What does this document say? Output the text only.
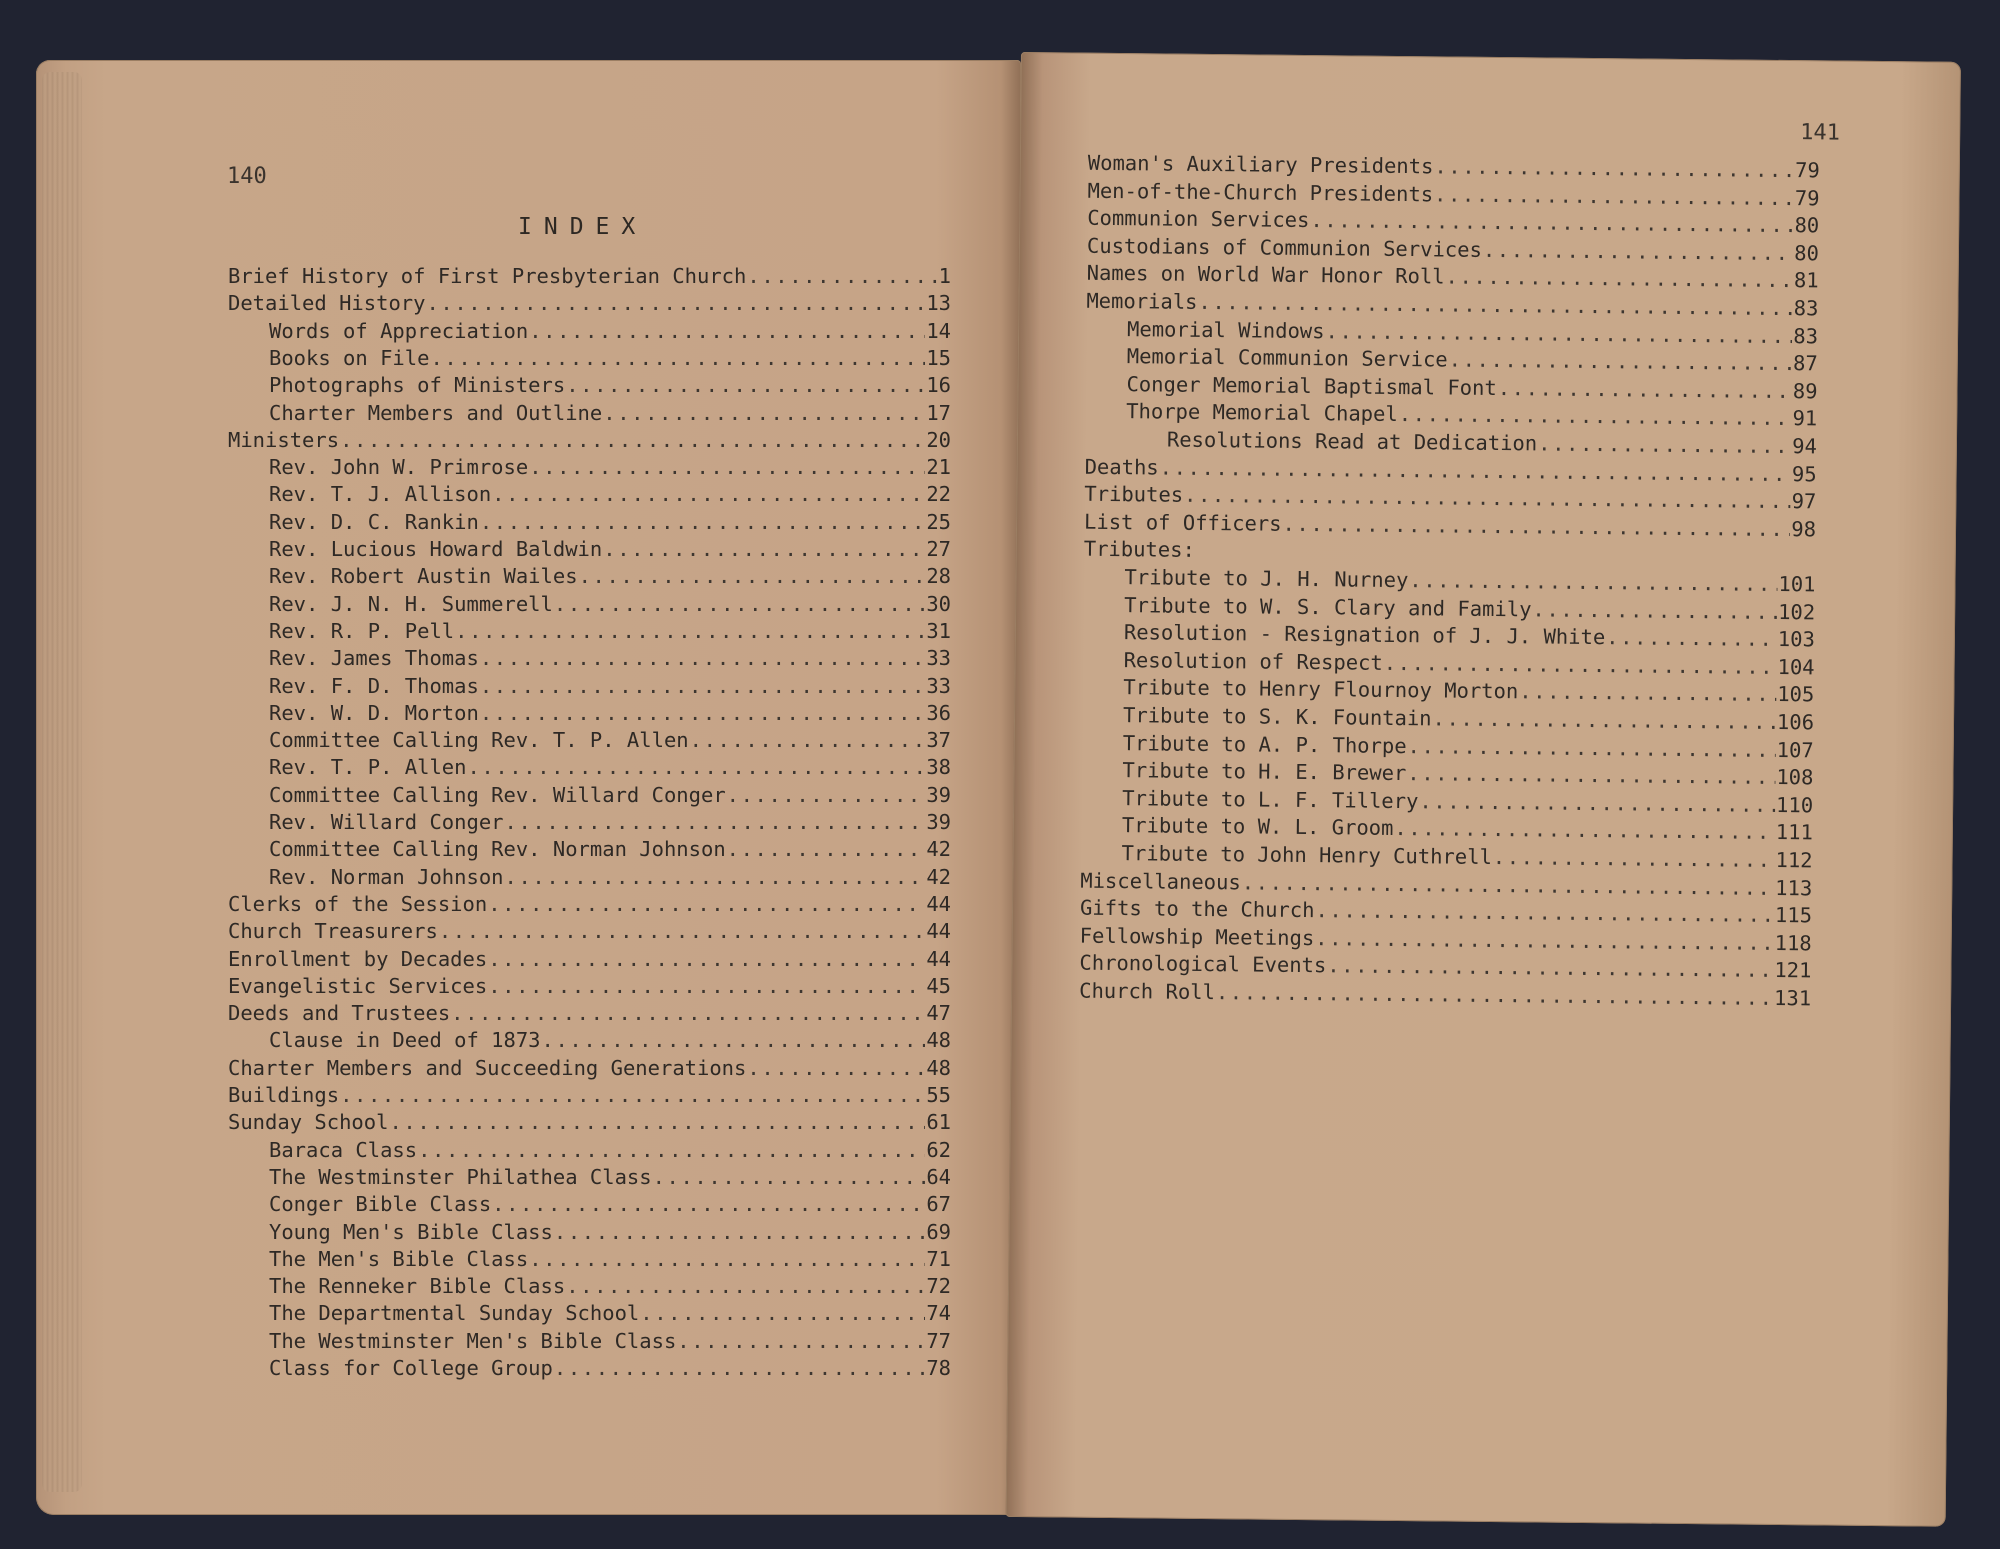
140
INDEX
Brief History of First Presbyterian Church .....	1
Detailed History .....	13
Words of Appreciation .....	14
Books on File .....	15
Photographs of Ministers .....	16
Charter Members and Outline .....	17
Ministers .....	20
Rev. John W. Primrose .....	21
Rev. T. J. Allison .....	22
Rev. D. C. Rankin .....	25
Rev. Lucious Howard Baldwin .....	27
Rev. Robert Austin Wailes .....	28
Rev. J. N. H. Summerell .....	30
Rev. R. P. Pell .....	31
Rev. James Thomas .....	33
Rev. F. D. Thomas .....	33
Rev. W. D. Morton .....	36
Committee Calling Rev. T. P. Allen .....	37
Rev. T. P. Allen .....	38
Committee Calling Rev. Willard Conger .....	39
Rev. Willard Conger .....	39
Committee Calling Rev. Norman Johnson .....	42
Rev. Norman Johnson .....	42
Clerks of the Session .....	44
Church Treasurers .....	44
Enrollment by Decades .....	44
Evangelistic Services .....	45
Deeds and Trustees .....	47
Clause in Deed of 1873 .....	48
Charter Members and Succeeding Generations .....	48
Buildings .....	55
Sunday School .....	61
Baraca Class .....	62
The Westminster Philathea Class .....	64
Conger Bible Class .....	67
Young Men's Bible Class .....	69
The Men's Bible Class .....	71
The Renneker Bible Class .....	72
The Departmental Sunday School .....	74
The Westminster Men's Bible Class .....	77
Class for College Group .....	78
141
Woman's Auxiliary Presidents .....	79
Men-of-the-Church Presidents .....	79
Communion Services .....	80
Custodians of Communion Services .....	80
Names on World War Honor Roll .....	81
Memorials .....	83
Memorial Windows .....	83
Memorial Communion Service .....	87
Conger Memorial Baptismal Font .....	89
Thorpe Memorial Chapel .....	91
Resolutions Read at Dedication .....	94
Deaths .....	95
Tributes .....	97
List of Officers .....	98
Tributes:
Tribute to J. H. Nurney .....	101
Tribute to W. S. Clary and Family .....	102
Resolution - Resignation of J. J. White .....	103
Resolution of Respect .....	104
Tribute to Henry Flournoy Morton .....	105
Tribute to S. K. Fountain .....	106
Tribute to A. P. Thorpe .....	107
Tribute to H. E. Brewer .....	108
Tribute to L. F. Tillery .....	110
Tribute to W. L. Groom .....	111
Tribute to John Henry Cuthrell .....	112
Miscellaneous .....	113
Gifts to the Church .....	115
Fellowship Meetings .....	118
Chronological Events .....	121
Church Roll .....	131
